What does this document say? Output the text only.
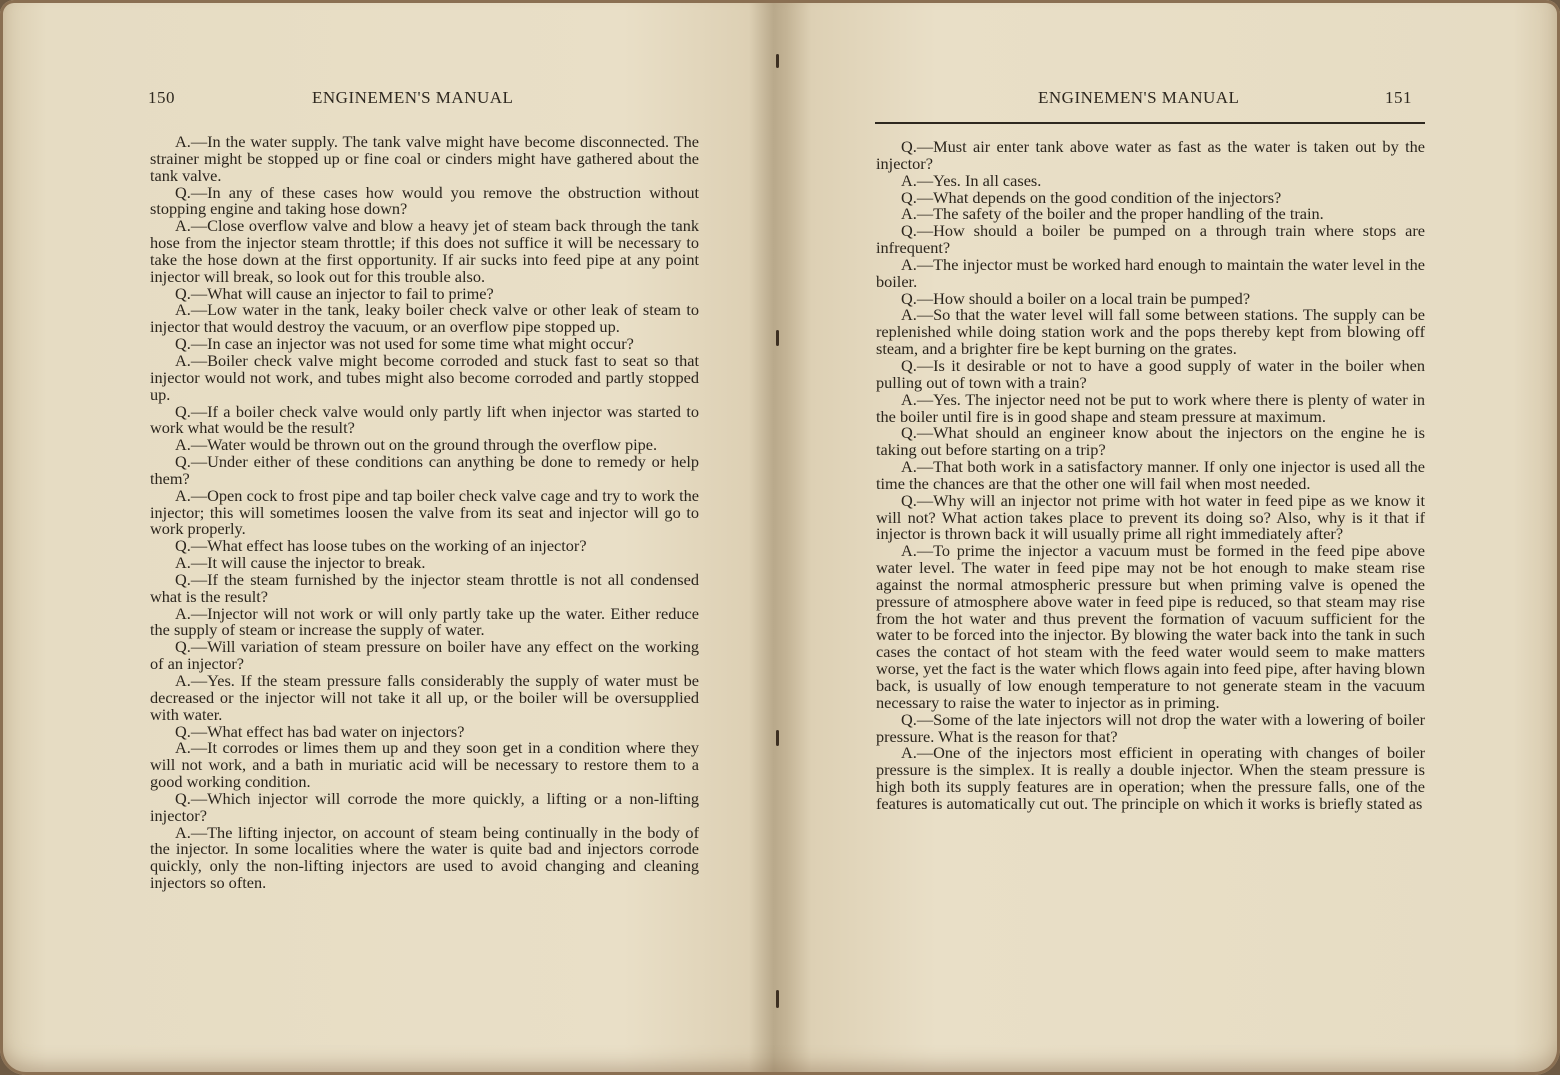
150	ENGINEMEN'S MANUAL

A.—In the water supply. The tank valve might have become disconnected. The strainer might be stopped up or fine coal or cinders might have gathered about the tank valve.

Q.—In any of these cases how would you remove the obstruction without stopping engine and taking hose down?

A.—Close overflow valve and blow a heavy jet of steam back through the tank hose from the injector steam throttle; if this does not suffice it will be necessary to take the hose down at the first opportunity. If air sucks into feed pipe at any point injector will break, so look out for this trouble also.

Q.—What will cause an injector to fail to prime?

A.—Low water in the tank, leaky boiler check valve or other leak of steam to injector that would destroy the vacuum, or an overflow pipe stopped up.

Q.—In case an injector was not used for some time what might occur?

A.—Boiler check valve might become corroded and stuck fast to seat so that injector would not work, and tubes might also become corroded and partly stopped up.

Q.—If a boiler check valve would only partly lift when injector was started to work what would be the result?

A.—Water would be thrown out on the ground through the overflow pipe.

Q.—Under either of these conditions can anything be done to remedy or help them?

A.—Open cock to frost pipe and tap boiler check valve cage and try to work the injector; this will sometimes loosen the valve from its seat and injector will go to work properly.

Q.—What effect has loose tubes on the working of an injector?

A.—It will cause the injector to break.

Q.—If the steam furnished by the injector steam throttle is not all condensed what is the result?

A.—Injector will not work or will only partly take up the water. Either reduce the supply of steam or increase the supply of water.

Q.—Will variation of steam pressure on boiler have any effect on the working of an injector?

A.—Yes. If the steam pressure falls considerably the supply of water must be decreased or the injector will not take it all up, or the boiler will be oversupplied with water.

Q.—What effect has bad water on injectors?

A.—It corrodes or limes them up and they soon get in a condition where they will not work, and a bath in muriatic acid will be necessary to restore them to a good working condition.

Q.—Which injector will corrode the more quickly, a lifting or a non-lifting injector?

A.—The lifting injector, on account of steam being continually in the body of the injector. In some localities where the water is quite bad and injectors corrode quickly, only the non-lifting injectors are used to avoid changing and cleaning injectors so often.

ENGINEMEN'S MANUAL	151

Q.—Must air enter tank above water as fast as the water is taken out by the injector?

A.—Yes. In all cases.

Q.—What depends on the good condition of the injectors?

A.—The safety of the boiler and the proper handling of the train.

Q.—How should a boiler be pumped on a through train where stops are infrequent?

A.—The injector must be worked hard enough to maintain the water level in the boiler.

Q.—How should a boiler on a local train be pumped?

A.—So that the water level will fall some between stations. The supply can be replenished while doing station work and the pops thereby kept from blowing off steam, and a brighter fire be kept burning on the grates.

Q.—Is it desirable or not to have a good supply of water in the boiler when pulling out of town with a train?

A.—Yes. The injector need not be put to work where there is plenty of water in the boiler until fire is in good shape and steam pressure at maximum.

Q.—What should an engineer know about the injectors on the engine he is taking out before starting on a trip?

A.—That both work in a satisfactory manner. If only one injector is used all the time the chances are that the other one will fail when most needed.

Q.—Why will an injector not prime with hot water in feed pipe as we know it will not? What action takes place to prevent its doing so? Also, why is it that if injector is thrown back it will usually prime all right immediately after?

A.—To prime the injector a vacuum must be formed in the feed pipe above water level. The water in feed pipe may not be hot enough to make steam rise against the normal atmospheric pressure but when priming valve is opened the pressure of atmosphere above water in feed pipe is reduced, so that steam may rise from the hot water and thus prevent the formation of vacuum sufficient for the water to be forced into the injector. By blowing the water back into the tank in such cases the contact of hot steam with the feed water would seem to make matters worse, yet the fact is the water which flows again into feed pipe, after having blown back, is usually of low enough temperature to not generate steam in the vacuum necessary to raise the water to injector as in priming.

Q.—Some of the late injectors will not drop the water with a lowering of boiler pressure. What is the reason for that?

A.—One of the injectors most efficient in operating with changes of boiler pressure is the simplex. It is really a double injector. When the steam pressure is high both its supply features are in operation; when the pressure falls, one of the features is automatically cut out. The principle on which it works is briefly stated as
